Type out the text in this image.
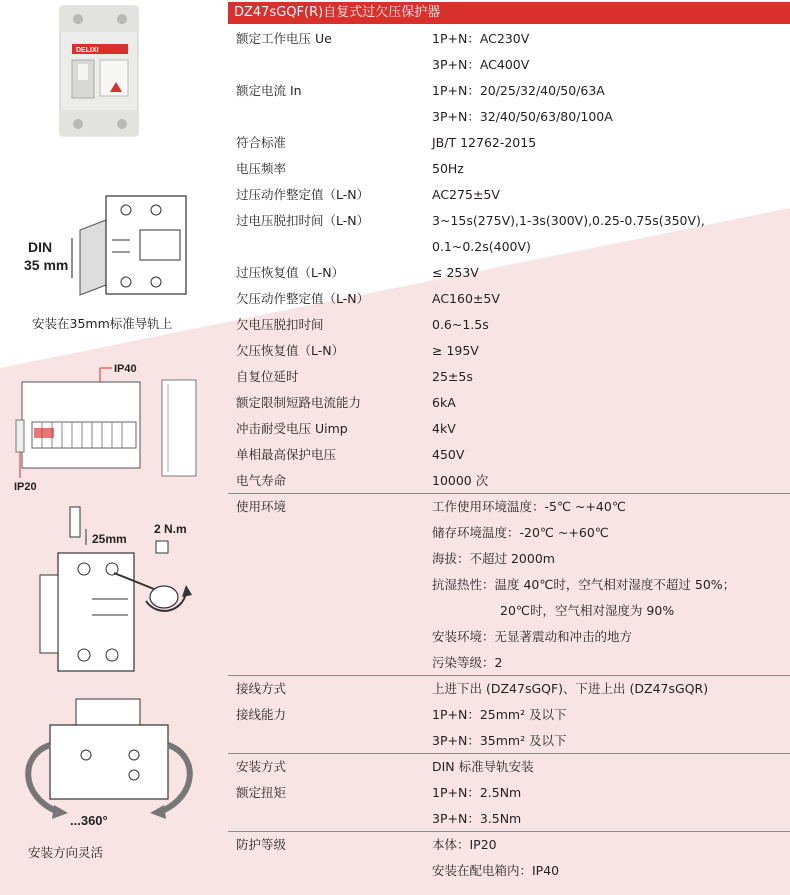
DZ47sGQF(R)自复式过欠压保护器
额定工作电压 Ue	1P+N：AC230V
3P+N：AC400V
额定电流 In	1P+N：20/25/32/40/50/63A
3P+N：32/40/50/63/80/100A
符合标准	JB/T 12762-2015
电压频率	50Hz
过压动作整定值（L-N）	AC275±5V
过电压脱扣时间（L-N）	3~15s(275V),1-3s(300V),0.25-0.75s(350V),
0.1~0.2s(400V)
过压恢复值（L-N）	≤ 253V
欠压动作整定值（L-N）	AC160±5V
欠电压脱扣时间	0.6~1.5s
欠压恢复值（L-N）	≥ 195V
自复位延时	25±5s
额定限制短路电流能力	6kA
冲击耐受电压 Uimp	4kV
单相最高保护电压	450V
电气寿命	10000 次
使用环境	工作使用环境温度：-5℃ ~+40℃
储存环境温度：-20℃ ~+60℃
海拔：不超过 2000m
抗湿热性：温度 40℃时，空气相对湿度不超过 50%；
20℃时，空气相对湿度为 90%
安装环境：无显著震动和冲击的地方
污染等级：2
接线方式	上进下出 (DZ47sGQF)、下进上出 (DZ47sGQR)
接线能力	1P+N：25mm² 及以下
3P+N：35mm² 及以下
安装方式	DIN 标准导轨安装
额定扭矩	1P+N：2.5Nm
3P+N：3.5Nm
防护等级	本体：IP20
安装在配电箱内：IP40
DELIXI
DIN
35 mm
安装在35mm标准导轨上
IP40
IP20
25mm
2 N.m
...360°
安装方向灵活
